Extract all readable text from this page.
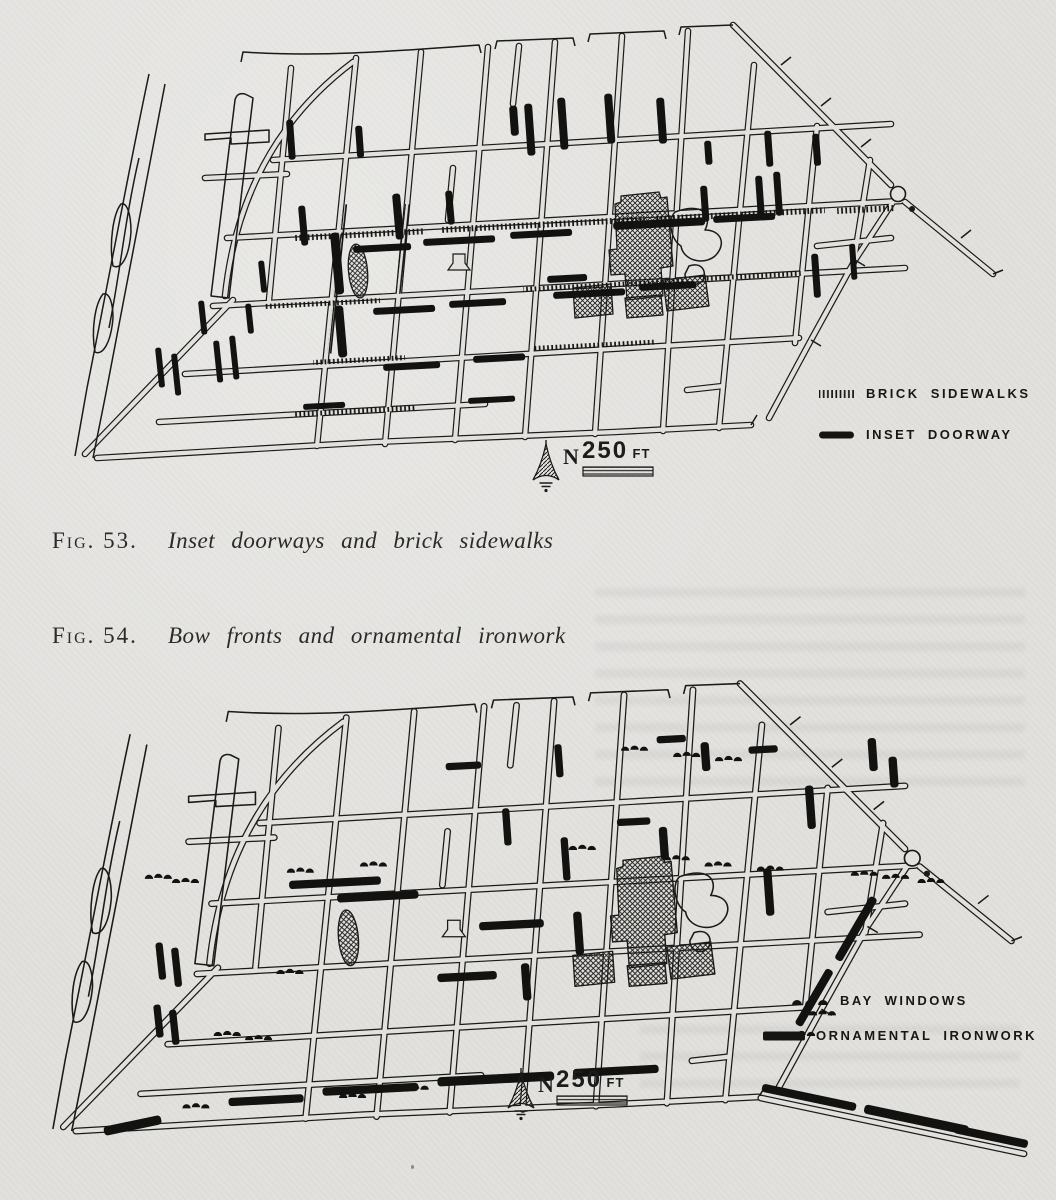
BRICK SIDEWALKS
INSET DOORWAY
N 250 FT

Fig. 53. Inset doorways and brick sidewalks

Fig. 54. Bow fronts and ornamental ironwork

BAY WINDOWS
ORNAMENTAL IRONWORK
N 250 FT
